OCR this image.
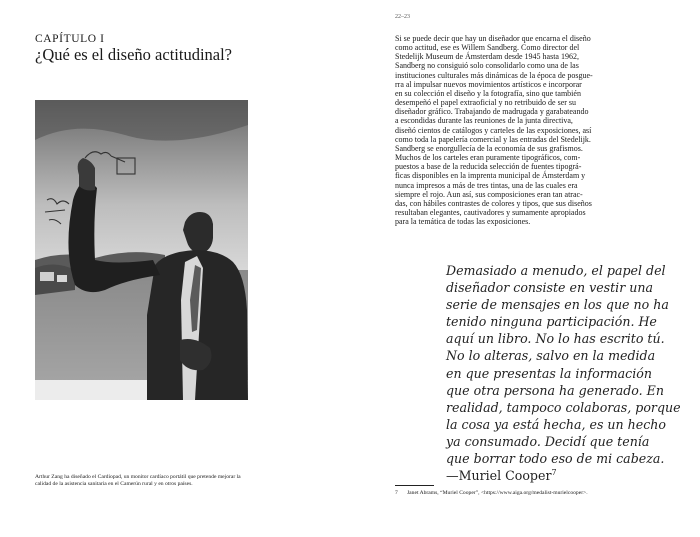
CAPÍTULO I
¿Qué es el diseño actitudinal?
Arthur Zang ha diseñado el Cardiopad, un monitor cardíaco portátil que pretende mejorar la calidad de la asistencia sanitaria en el Camerún rural y en otros países.
22–23
Si se puede decir que hay un diseñador que encarna el diseño
como actitud, ese es Willem Sandberg. Como director del
Stedelijk Museum de Ámsterdam desde 1945 hasta 1962,
Sandberg no consiguió solo consolidarlo como una de las
instituciones culturales más dinámicas de la época de posgue-
rra al impulsar nuevos movimientos artísticos e incorporar
en su colección el diseño y la fotografía, sino que también
desempeñó el papel extraoficial y no retribuido de ser su
diseñador gráfico. Trabajando de madrugada y garabateando
a escondidas durante las reuniones de la junta directiva,
diseñó cientos de catálogos y carteles de las exposiciones, así
como toda la papelería comercial y las entradas del Stedelijk.
Sandberg se enorgullecía de la economía de sus grafismos.
Muchos de los carteles eran puramente tipográficos, com-
puestos a base de la reducida selección de fuentes tipográ-
ficas disponibles en la imprenta municipal de Ámsterdam y
nunca impresos a más de tres tintas, una de las cuales era
siempre el rojo. Aun así, sus composiciones eran tan atrac-
das, con hábiles contrastes de colores y tipos, que sus diseños
resultaban elegantes, cautivadores y sumamente apropiados
para la temática de todas las exposiciones.
Demasiado a menudo, el papel del
diseñador consiste en vestir una
serie de mensajes en los que no ha
tenido ninguna participación. He
aquí un libro. No lo has escrito tú.
No lo alteras, salvo en la medida
en que presentas la información
que otra persona ha generado. En
realidad, tampoco colaboras, porque
la cosa ya está hecha, es un hecho
ya consumado. Decidí que tenía
que borrar todo eso de mi cabeza.
—Muriel Cooper$^7$
7 Janet Abrams, “Muriel Cooper”, <https://www.aiga.org/medalist-murielcooper>.
